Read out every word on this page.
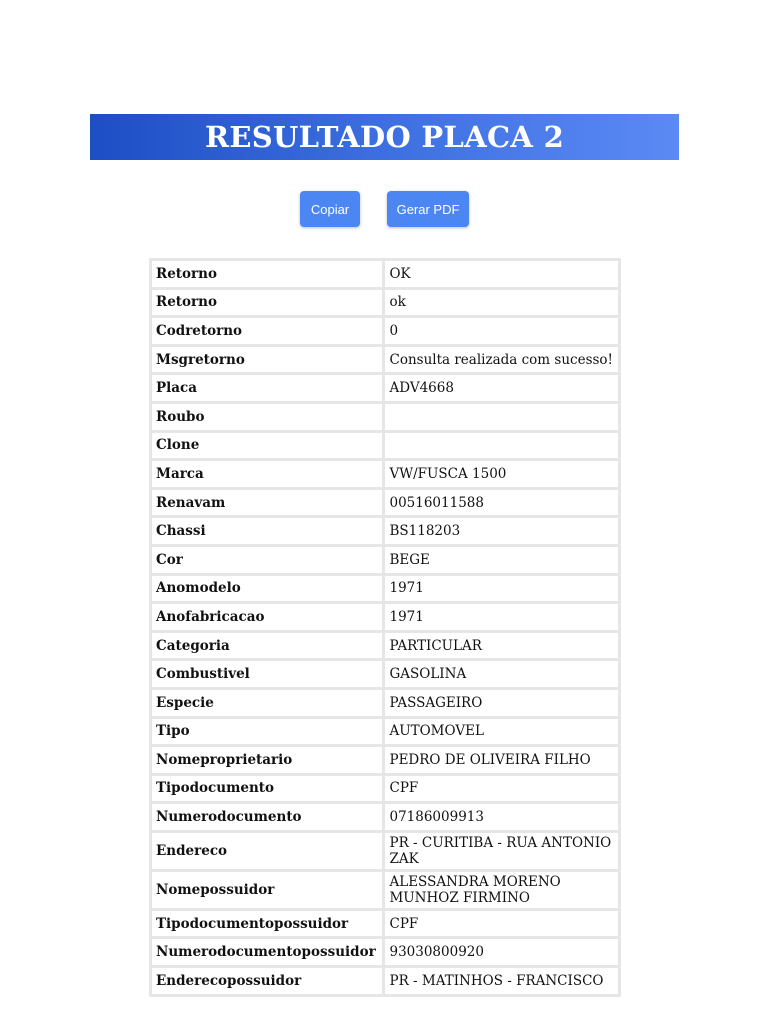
RESULTADO PLACA 2
Copiar	Gerar PDF
Retorno	OK
Retorno	ok
Codretorno	0
Msgretorno	Consulta realizada com sucesso!
Placa	ADV4668
Roubo	
Clone	
Marca	VW/FUSCA 1500
Renavam	00516011588
Chassi	BS118203
Cor	BEGE
Anomodelo	1971
Anofabricacao	1971
Categoria	PARTICULAR
Combustivel	GASOLINA
Especie	PASSAGEIRO
Tipo	AUTOMOVEL
Nomeproprietario	PEDRO DE OLIVEIRA FILHO
Tipodocumento	CPF
Numerodocumento	07186009913
Endereco	PR - CURITIBA - RUA ANTONIO ZAK
Nomepossuidor	ALESSANDRA MORENO MUNHOZ FIRMINO
Tipodocumentopossuidor	CPF
Numerodocumentopossuidor	93030800920
Enderecopossuidor	PR - MATINHOS - FRANCISCO
